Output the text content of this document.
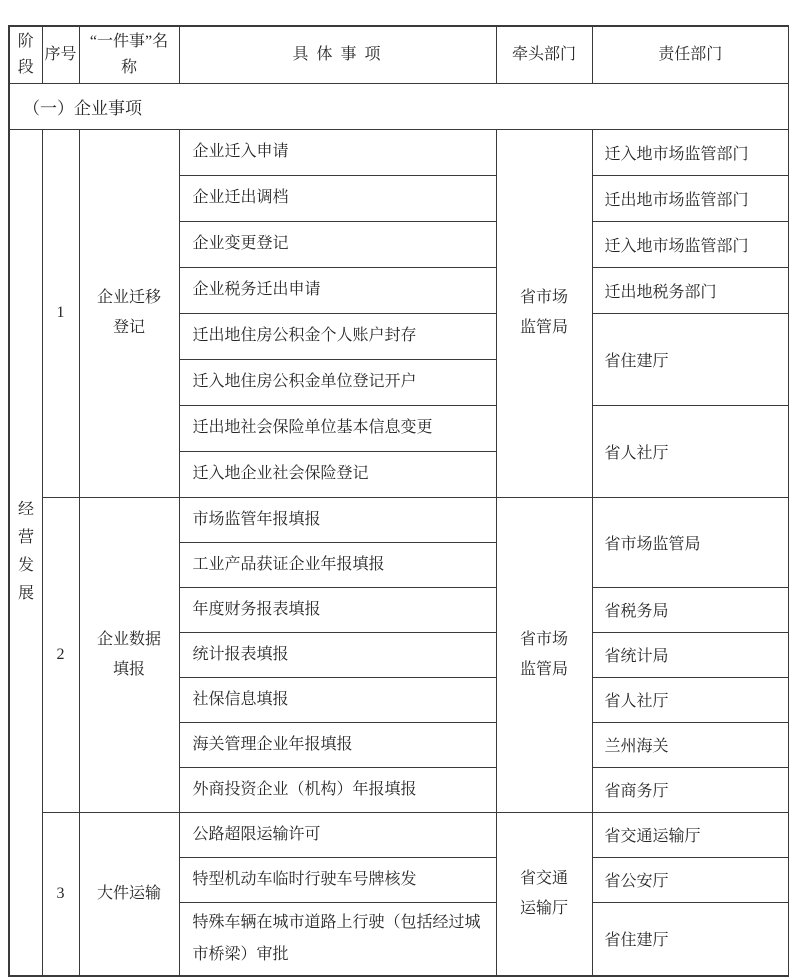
阶段	序号	“一件事”名称	具 体 事 项	牵头部门	责任部门
（一）企业事项					
经营发展	1	企业迁移登记	企业迁入申请	省市场监管局	迁入地市场监管部门
			企业迁出调档		迁出地市场监管部门
			企业变更登记		迁入地市场监管部门
			企业税务迁出申请		迁出地税务部门
			迁出地住房公积金个人账户封存		省住建厅
			迁入地住房公积金单位登记开户		
			迁出地社会保险单位基本信息变更		省人社厅
			迁入地企业社会保险登记		
	2	企业数据填报	市场监管年报填报	省市场监管局	省市场监管局
			工业产品获证企业年报填报		
			年度财务报表填报		省税务局
			统计报表填报		省统计局
			社保信息填报		省人社厅
			海关管理企业年报填报		兰州海关
			外商投资企业（机构）年报填报		省商务厅
	3	大件运输	公路超限运输许可	省交通运输厅	省交通运输厅
			特型机动车临时行驶车号牌核发		省公安厅
			特殊车辆在城市道路上行驶（包括经过城市桥梁）审批		省住建厅
